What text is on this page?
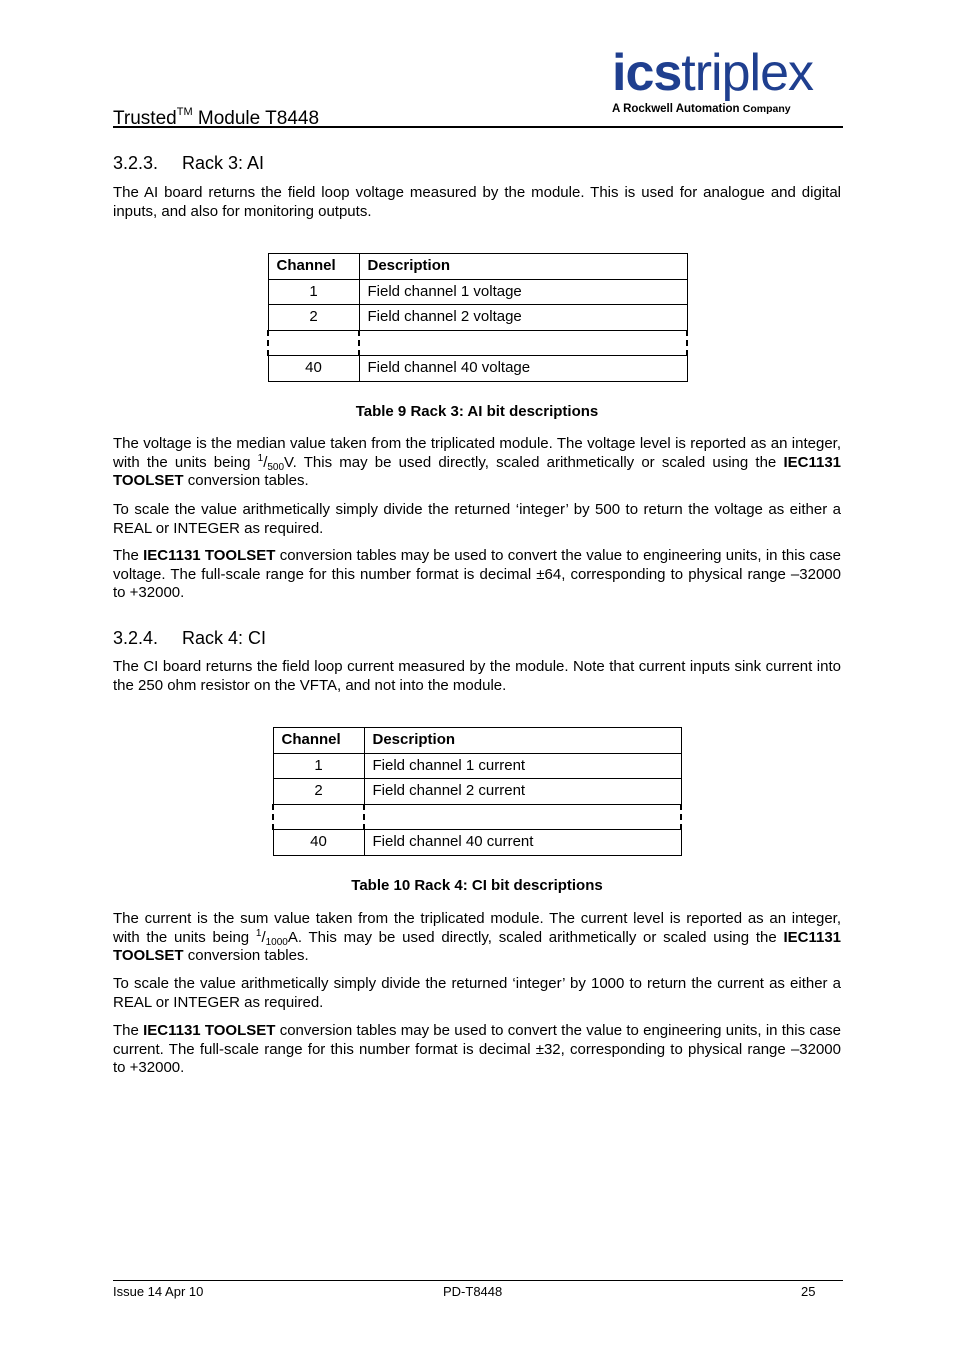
Trusted™ Module T8448
icstriplex
A Rockwell Automation Company
3.2.3. Rack 3: AI
The AI board returns the field loop voltage measured by the module. This is used for analogue and digital inputs, and also for monitoring outputs.
Channel	Description
1	Field channel 1 voltage
2	Field channel 2 voltage

40	Field channel 40 voltage
Table 9 Rack 3: AI bit descriptions
The voltage is the median value taken from the triplicated module. The voltage level is reported as an integer, with the units being $^1/_{500}V$. This may be used directly, scaled arithmetically or scaled using the IEC1131 TOOLSET conversion tables.
To scale the value arithmetically simply divide the returned ‘integer’ by 500 to return the voltage as either a REAL or INTEGER as required.
The IEC1131 TOOLSET conversion tables may be used to convert the value to engineering units, in this case voltage. The full-scale range for this number format is decimal ±64, corresponding to physical range –32000 to +32000.
3.2.4. Rack 4: CI
The CI board returns the field loop current measured by the module. Note that current inputs sink current into the 250 ohm resistor on the VFTA, and not into the module.
Channel	Description
1	Field channel 1 current
2	Field channel 2 current

40	Field channel 40 current
Table 10 Rack 4: CI bit descriptions
The current is the sum value taken from the triplicated module. The current level is reported as an integer, with the units being $^1/_{1000}A$. This may be used directly, scaled arithmetically or scaled using the IEC1131 TOOLSET conversion tables.
To scale the value arithmetically simply divide the returned ‘integer’ by 1000 to return the current as either a REAL or INTEGER as required.
The IEC1131 TOOLSET conversion tables may be used to convert the value to engineering units, in this case current. The full-scale range for this number format is decimal ±32, corresponding to physical range –32000 to +32000.
Issue 14 Apr 10	PD-T8448	25
